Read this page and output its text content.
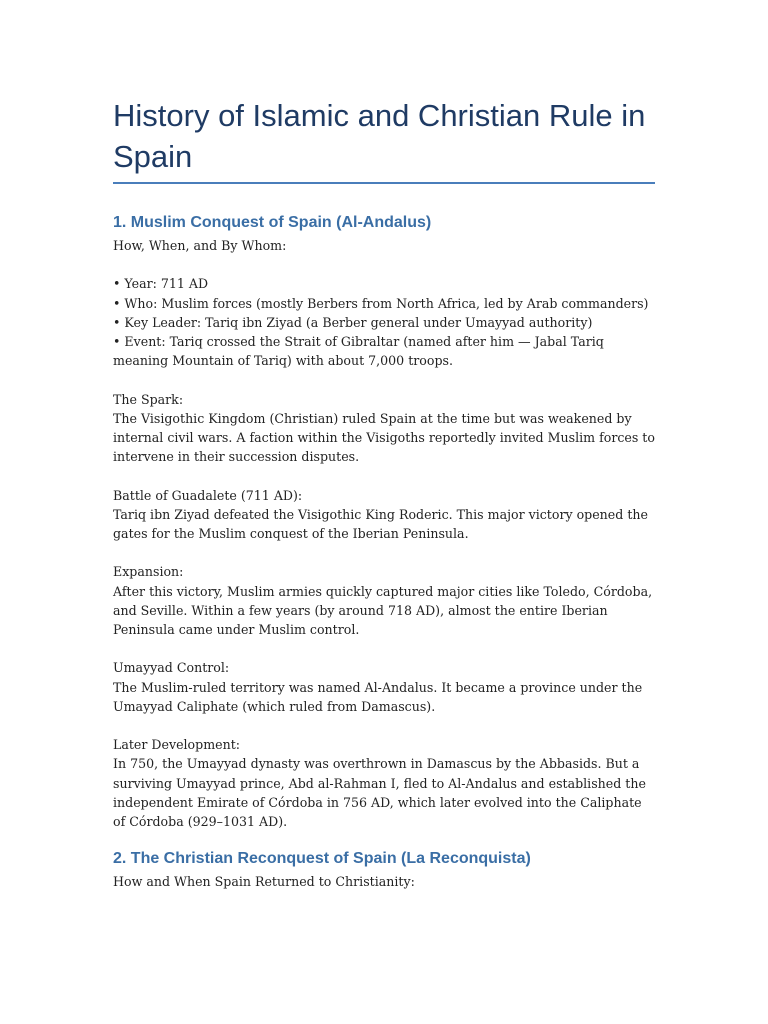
History of Islamic and Christian Rule in Spain
1. Muslim Conquest of Spain (Al-Andalus)

How, When, and By Whom:

• Year: 711 AD
• Who: Muslim forces (mostly Berbers from North Africa, led by Arab commanders)
• Key Leader: Tariq ibn Ziyad (a Berber general under Umayyad authority)
• Event: Tariq crossed the Strait of Gibraltar (named after him — Jabal Tariq meaning Mountain of Tariq) with about 7,000 troops.

The Spark:

The Visigothic Kingdom (Christian) ruled Spain at the time but was weakened by internal civil wars. A faction within the Visigoths reportedly invited Muslim forces to intervene in their succession disputes.

Battle of Guadalete (711 AD):

Tariq ibn Ziyad defeated the Visigothic King Roderic. This major victory opened the gates for the Muslim conquest of the Iberian Peninsula.

Expansion:

After this victory, Muslim armies quickly captured major cities like Toledo, Córdoba, and Seville. Within a few years (by around 718 AD), almost the entire Iberian Peninsula came under Muslim control.

Umayyad Control:

The Muslim-ruled territory was named Al-Andalus. It became a province under the Umayyad Caliphate (which ruled from Damascus).

Later Development:

In 750, the Umayyad dynasty was overthrown in Damascus by the Abbasids. But a surviving Umayyad prince, Abd al-Rahman I, fled to Al-Andalus and established the independent Emirate of Córdoba in 756 AD, which later evolved into the Caliphate of Córdoba (929–1031 AD).

2. The Christian Reconquest of Spain (La Reconquista)

How and When Spain Returned to Christianity:
